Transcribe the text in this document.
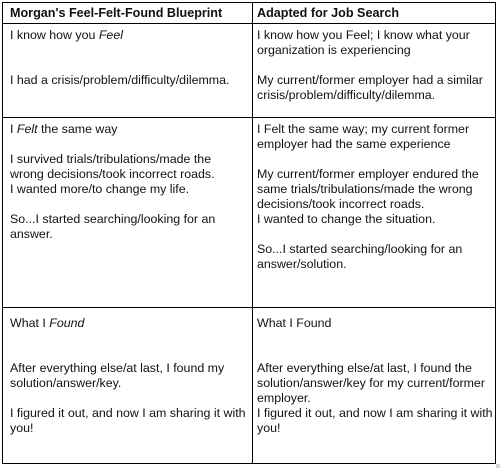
Morgan's Feel-Felt-Found Blueprint	Adapted for Job Search

I know how you Feel

I had a crisis/problem/difficulty/dilemma.

I know how you Feel; I know what your organization is experiencing

My current/former employer had a similar crisis/problem/difficulty/dilemma.

I Felt the same way

I survived trials/tribulations/made the wrong decisions/took incorrect roads.

I wanted more/to change my life.

So...I started searching/looking for an answer.

I Felt the same way; my current former employer had the same experience

My current/former employer endured the same trials/tribulations/made the wrong decisions/took incorrect roads.

I wanted to change the situation.

So...I started searching/looking for an answer/solution.

What I Found

After everything else/at last, I found my solution/answer/key.

I figured it out, and now I am sharing it with you!

What I Found

After everything else/at last, I found the solution/answer/key for my current/former employer.

I figured it out, and now I am sharing it with you!
